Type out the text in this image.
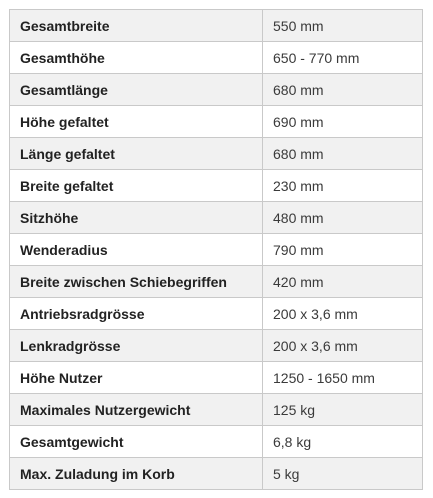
Gesamtbreite	550 mm
Gesamthöhe	650 - 770 mm
Gesamtlänge	680 mm
Höhe gefaltet	690 mm
Länge gefaltet	680 mm
Breite gefaltet	230 mm
Sitzhöhe	480 mm
Wenderadius	790 mm
Breite zwischen Schiebegriffen	420 mm
Antriebsradgrösse	200 x 3,6 mm
Lenkradgrösse	200 x 3,6 mm
Höhe Nutzer	1250 - 1650 mm
Maximales Nutzergewicht	125 kg
Gesamtgewicht	6,8 kg
Max. Zuladung im Korb	5 kg
